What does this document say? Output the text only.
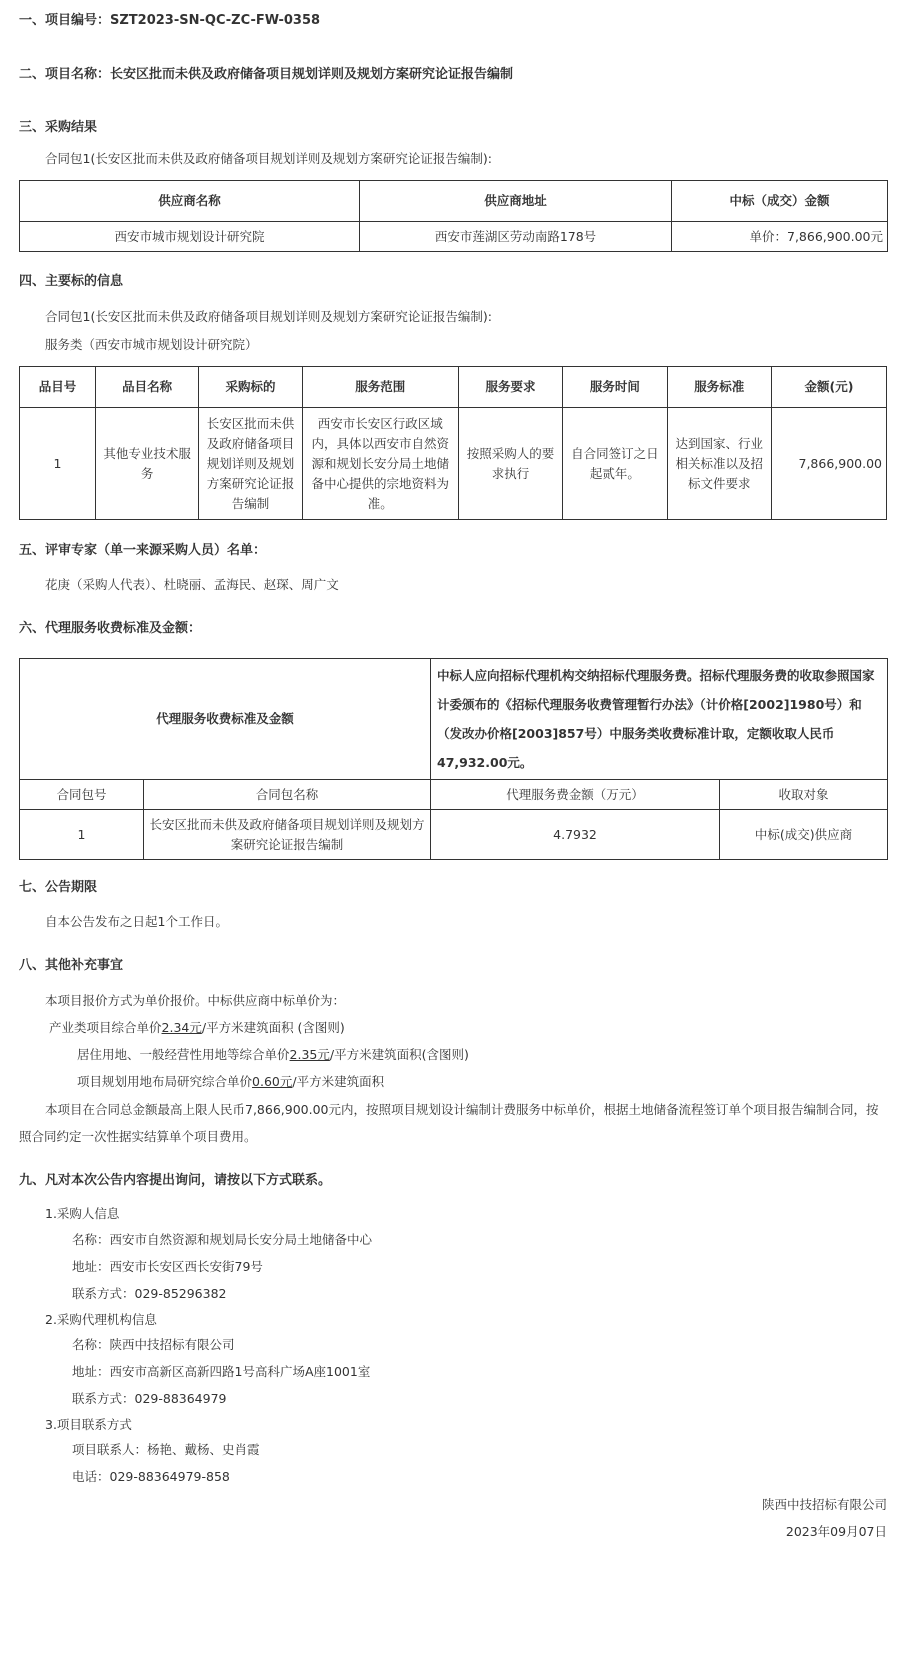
一、项目编号：SZT2023-SN-QC-ZC-FW-0358
二、项目名称：长安区批而未供及政府储备项目规划详则及规划方案研究论证报告编制
三、采购结果
合同包1(长安区批而未供及政府储备项目规划详则及规划方案研究论证报告编制):
供应商名称	供应商地址	中标（成交）金额
西安市城市规划设计研究院	西安市莲湖区劳动南路178号	单价：7,866,900.00元
四、主要标的信息
合同包1(长安区批而未供及政府储备项目规划详则及规划方案研究论证报告编制):
服务类（西安市城市规划设计研究院）
品目号	品目名称	采购标的	服务范围	服务要求	服务时间	服务标准	金额(元)
1	其他专业技术服务	长安区批而未供及政府储备项目规划详则及规划方案研究论证报告编制	西安市长安区行政区域内，具体以西安市自然资源和规划长安分局土地储备中心提供的宗地资料为准。	按照采购人的要求执行	自合同签订之日起贰年。	达到国家、行业相关标准以及招标文件要求	7,866,900.00
五、评审专家（单一来源采购人员）名单：
花庚（采购人代表）、杜晓丽、孟海民、赵琛、周广文
六、代理服务收费标准及金额：
代理服务收费标准及金额		中标人应向招标代理机构交纳招标代理服务费。招标代理服务费的收取参照国家计委颁布的《招标代理服务收费管理暂行办法》（计价格[2002]1980号）和（发改办价格[2003]857号）中服务类收费标准计取，定额收取人民币47,932.00元。	
合同包号	合同包名称	代理服务费金额（万元）	收取对象
1	长安区批而未供及政府储备项目规划详则及规划方案研究论证报告编制	4.7932	中标(成交)供应商
七、公告期限
自本公告发布之日起1个工作日。
八、其他补充事宜
本项目报价方式为单价报价。中标供应商中标单价为：
产业类项目综合单价2.34元/平方米建筑面积 (含图则)
居住用地、一般经营性用地等综合单价2.35元/平方米建筑面积(含图则)
项目规划用地布局研究综合单价0.60元/平方米建筑面积
本项目在合同总金额最高上限人民币7,866,900.00元内，按照项目规划设计编制计费服务中标单价，根据土地储备流程签订单个项目报告编制合同，按
照合同约定一次性据实结算单个项目费用。
九、凡对本次公告内容提出询问，请按以下方式联系。
1.采购人信息
名称：西安市自然资源和规划局长安分局土地储备中心
地址：西安市长安区西长安街79号
联系方式：029-85296382
2.采购代理机构信息
名称：陕西中技招标有限公司
地址：西安市高新区高新四路1号高科广场A座1001室
联系方式：029-88364979
3.项目联系方式
项目联系人：杨艳、戴杨、史肖霞
电话：029-88364979-858
陕西中技招标有限公司
2023年09月07日
